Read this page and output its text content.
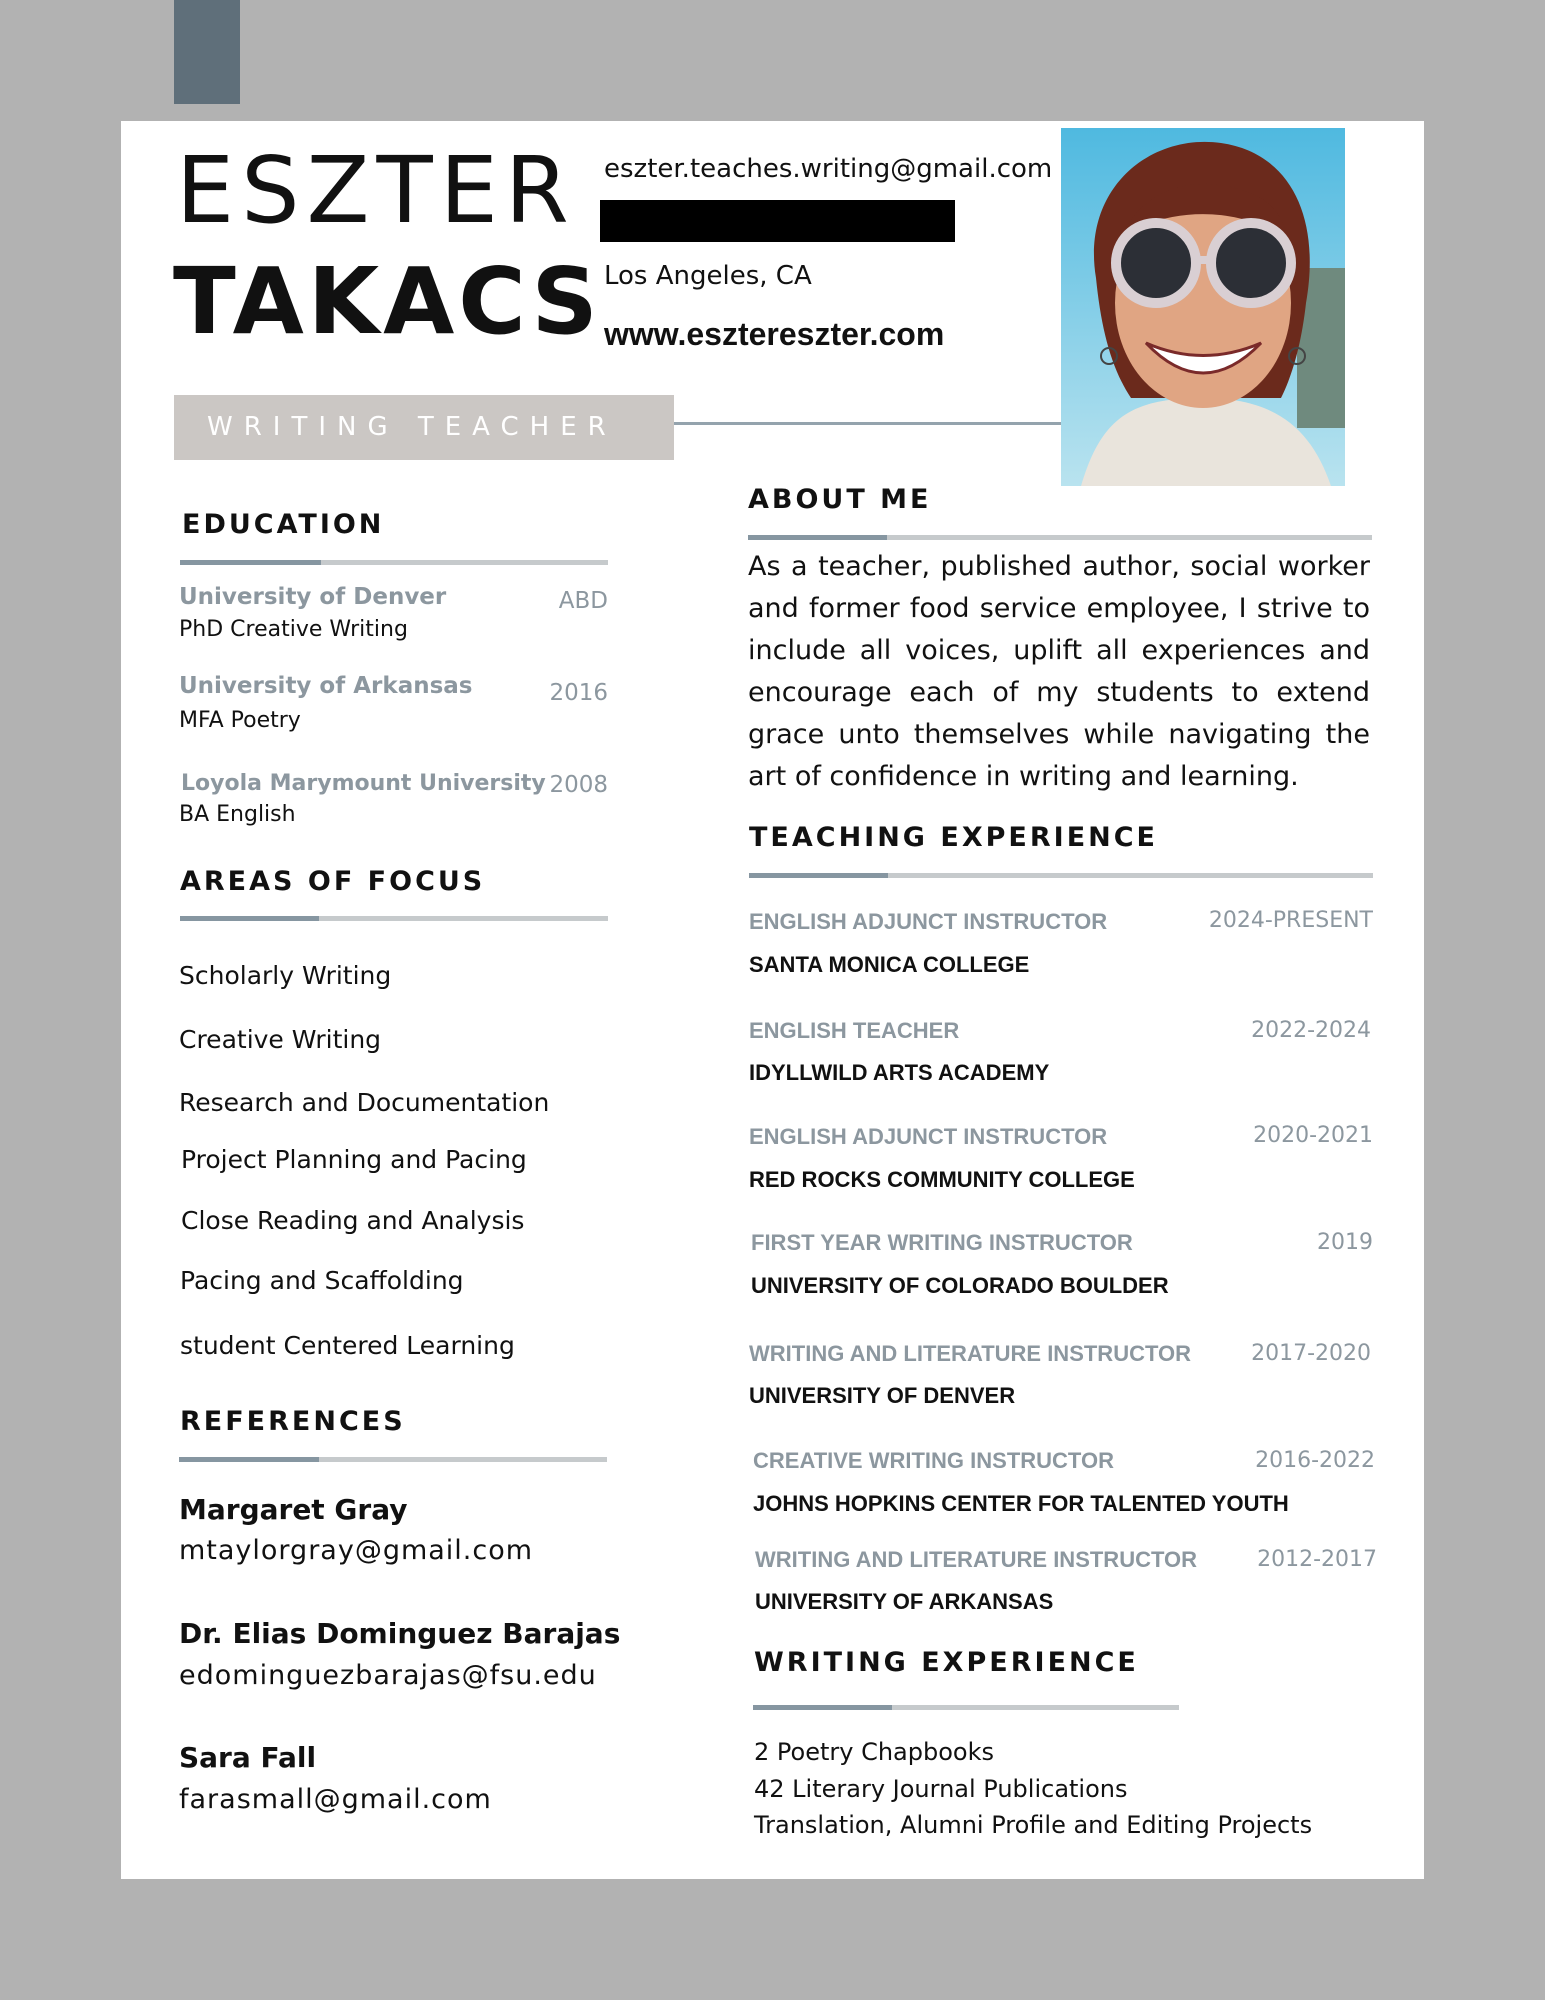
ESZTER
TAKACS
eszter.teaches.writing@gmail.com
Los Angeles, CA
www.esztereszter.com
WRITING TEACHER
EDUCATION
University of Denver
PhD Creative Writing
ABD
University of Arkansas
MFA Poetry
2016
Loyola Marymount University
BA English
2008
AREAS OF FOCUS
Scholarly Writing
Creative Writing
Research and Documentation
Project Planning and Pacing
Close Reading and Analysis
Pacing and Scaffolding
student Centered Learning
REFERENCES
Margaret Gray
mtaylorgray@gmail.com
Dr. Elias Dominguez Barajas
edominguezbarajas@fsu.edu
Sara Fall
farasmall@gmail.com
ABOUT ME
As a teacher, published author, social worker and former food service employee, I strive to include all voices, uplift all experiences and encourage each of my students to extend grace unto themselves while navigating the art of confidence in writing and learning.
TEACHING EXPERIENCE
ENGLISH ADJUNCT INSTRUCTOR
SANTA MONICA COLLEGE
2024-PRESENT
ENGLISH TEACHER
IDYLLWILD ARTS ACADEMY
2022-2024
ENGLISH ADJUNCT INSTRUCTOR
RED ROCKS COMMUNITY COLLEGE
2020-2021
FIRST YEAR WRITING INSTRUCTOR
UNIVERSITY OF COLORADO BOULDER
2019
WRITING AND LITERATURE INSTRUCTOR
UNIVERSITY OF DENVER
2017-2020
CREATIVE WRITING INSTRUCTOR
JOHNS HOPKINS CENTER FOR TALENTED YOUTH
2016-2022
WRITING AND LITERATURE INSTRUCTOR
UNIVERSITY OF ARKANSAS
2012-2017
WRITING EXPERIENCE
2 Poetry Chapbooks
42 Literary Journal Publications
Translation, Alumni Profile and Editing Projects
